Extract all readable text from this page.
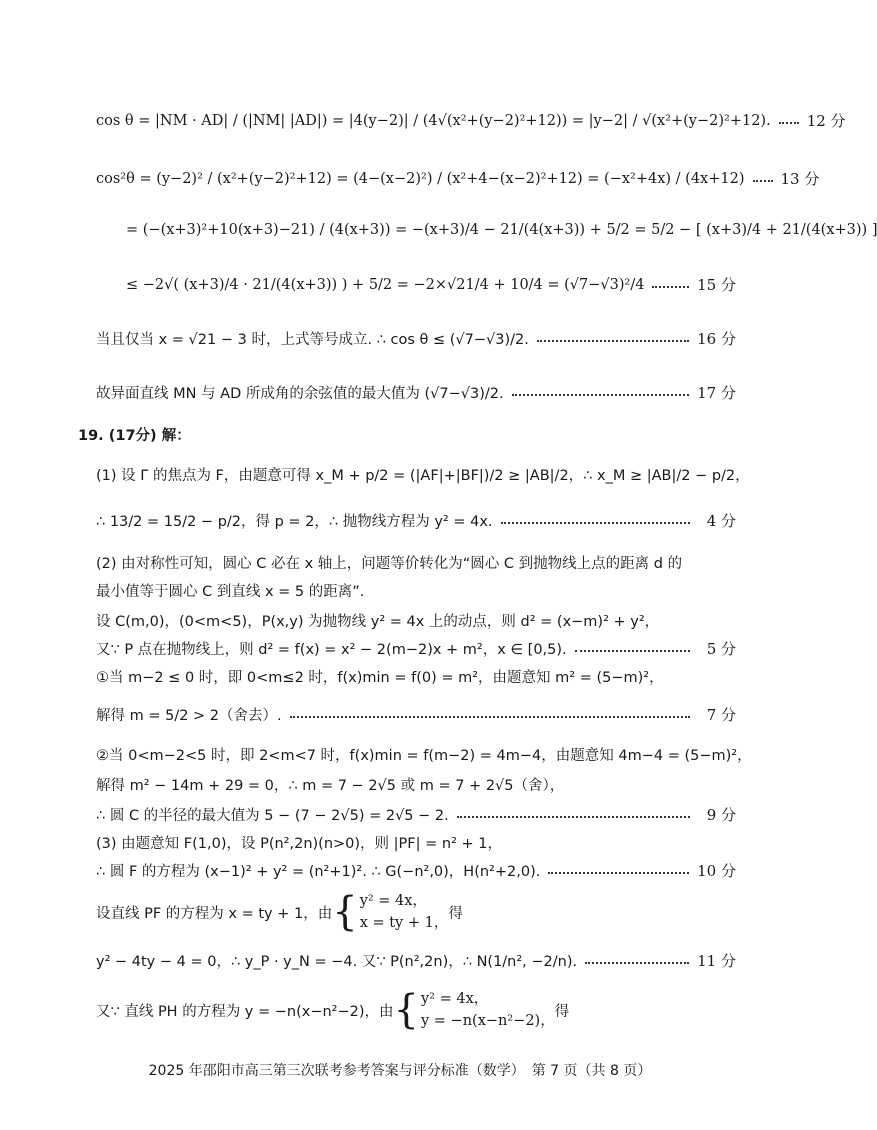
cos θ = |NM · AD| / (|NM| |AD|) = |4(y−2)| / (4√(x²+(y−2)²+12)) = |y−2| / √(x²+(y−2)²+12). 12 分
cos²θ = (y−2)² / (x²+(y−2)²+12) = (4−(x−2)²) / (x²+4−(x−2)²+12) = (−x²+4x) / (4x+12) 13 分
= (−(x+3)²+10(x+3)−21) / (4(x+3)) = −(x+3)/4 − 21/(4(x+3)) + 5/2 = 5/2 − [ (x+3)/4 + 21/(4(x+3)) ]
≤ −2√( (x+3)/4 · 21/(4(x+3)) ) + 5/2 = −2×√21/4 + 10/4 = (√7−√3)²/4	15 分
当且仅当 x = √21 − 3 时，上式等号成立. ∴ cos θ ≤ (√7−√3)/2.	16 分
故异面直线 MN 与 AD 所成角的余弦值的最大值为 (√7−√3)/2.	17 分
19. (17分) 解：
(1) 设 Γ 的焦点为 F，由题意可得 x_M + p/2 = (|AF|+|BF|)/2 ≥ |AB|/2，∴ x_M ≥ |AB|/2 − p/2，
∴ 13/2 = 15/2 − p/2，得 p = 2，∴ 抛物线方程为 y² = 4x.	4 分
(2) 由对称性可知，圆心 C 必在 x 轴上，问题等价转化为“圆心 C 到抛物线上点的距离 d 的
最小值等于圆心 C 到直线 x = 5 的距离”.
设 C(m,0)，(0<m<5)，P(x,y) 为抛物线 y² = 4x 上的动点，则 d² = (x−m)² + y²，
又∵ P 点在抛物线上，则 d² = f(x) = x² − 2(m−2)x + m²，x ∈ [0,5).	5 分
①当 m−2 ≤ 0 时，即 0<m≤2 时，f(x)min = f(0) = m²，由题意知 m² = (5−m)²，
解得 m = 5/2 > 2（舍去）.	7 分
②当 0<m−2<5 时，即 2<m<7 时，f(x)min = f(m−2) = 4m−4，由题意知 4m−4 = (5−m)²，
解得 m² − 14m + 29 = 0，∴ m = 7 − 2√5 或 m = 7 + 2√5（舍），
∴ 圆 C 的半径的最大值为 5 − (7 − 2√5) = 2√5 − 2.	9 分
(3) 由题意知 F(1,0)，设 P(n²,2n)(n>0)，则 |PF| = n² + 1，
∴ 圆 F 的方程为 (x−1)² + y² = (n²+1)². ∴ G(−n²,0)，H(n²+2,0).	10 分
设直线 PF 的方程为 x = ty + 1，由 { y² = 4x，
x = ty + 1，
得
y² − 4ty − 4 = 0，∴ y_P · y_N = −4. 又∵ P(n²,2n)，∴ N(1/n², −2/n).	11 分
又∵ 直线 PH 的方程为 y = −n(x−n²−2)，由 { y² = 4x，
y = −n(x−n²−2)，
得
2025 年邵阳市高三第三次联考参考答案与评分标准（数学）　第 7 页（共 8 页）
